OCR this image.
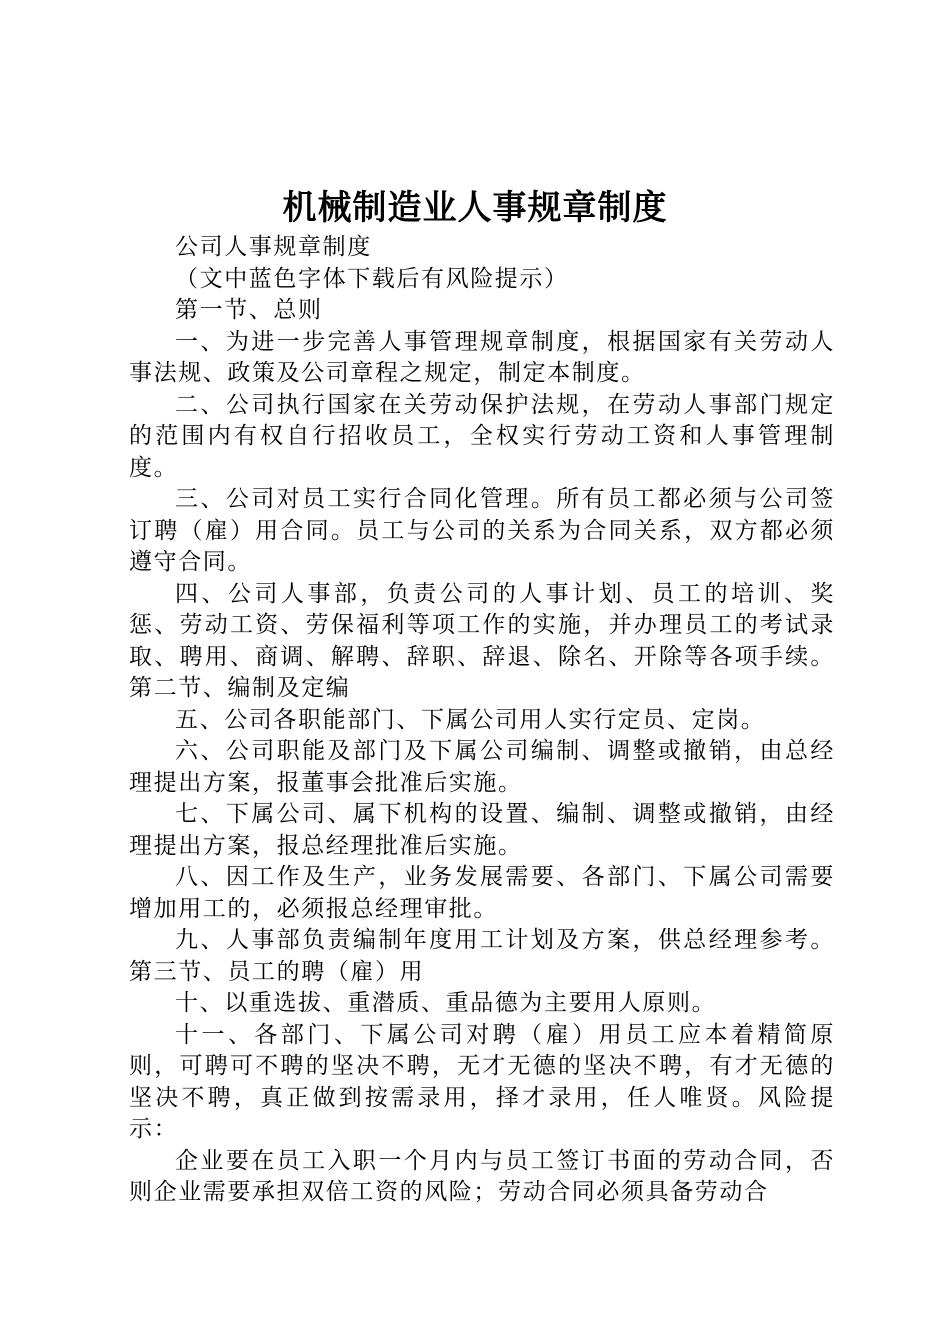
机械制造业人事规章制度

公司人事规章制度

（文中蓝色字体下载后有风险提示）

第一节、总则

一、为进一步完善人事管理规章制度，根据国家有关劳动人事法规、政策及公司章程之规定，制定本制度。

二、公司执行国家在关劳动保护法规，在劳动人事部门规定的范围内有权自行招收员工，全权实行劳动工资和人事管理制度。

三、公司对员工实行合同化管理。所有员工都必须与公司签订聘（雇）用合同。员工与公司的关系为合同关系，双方都必须遵守合同。

四、公司人事部，负责公司的人事计划、员工的培训、奖惩、劳动工资、劳保福利等项工作的实施，并办理员工的考试录取、聘用、商调、解聘、辞职、辞退、除名、开除等各项手续。第二节、编制及定编

五、公司各职能部门、下属公司用人实行定员、定岗。

六、公司职能及部门及下属公司编制、调整或撤销，由总经理提出方案，报董事会批准后实施。

七、下属公司、属下机构的设置、编制、调整或撤销，由经理提出方案，报总经理批准后实施。

八、因工作及生产，业务发展需要、各部门、下属公司需要增加用工的，必须报总经理审批。

九、人事部负责编制年度用工计划及方案，供总经理参考。第三节、员工的聘（雇）用

十、以重选拔、重潜质、重品德为主要用人原则。

十一、各部门、下属公司对聘（雇）用员工应本着精简原则，可聘可不聘的坚决不聘，无才无德的坚决不聘，有才无德的坚决不聘，真正做到按需录用，择才录用，任人唯贤。风险提示：

企业要在员工入职一个月内与员工签订书面的劳动合同，否则企业需要承担双倍工资的风险；劳动合同必须具备劳动合
